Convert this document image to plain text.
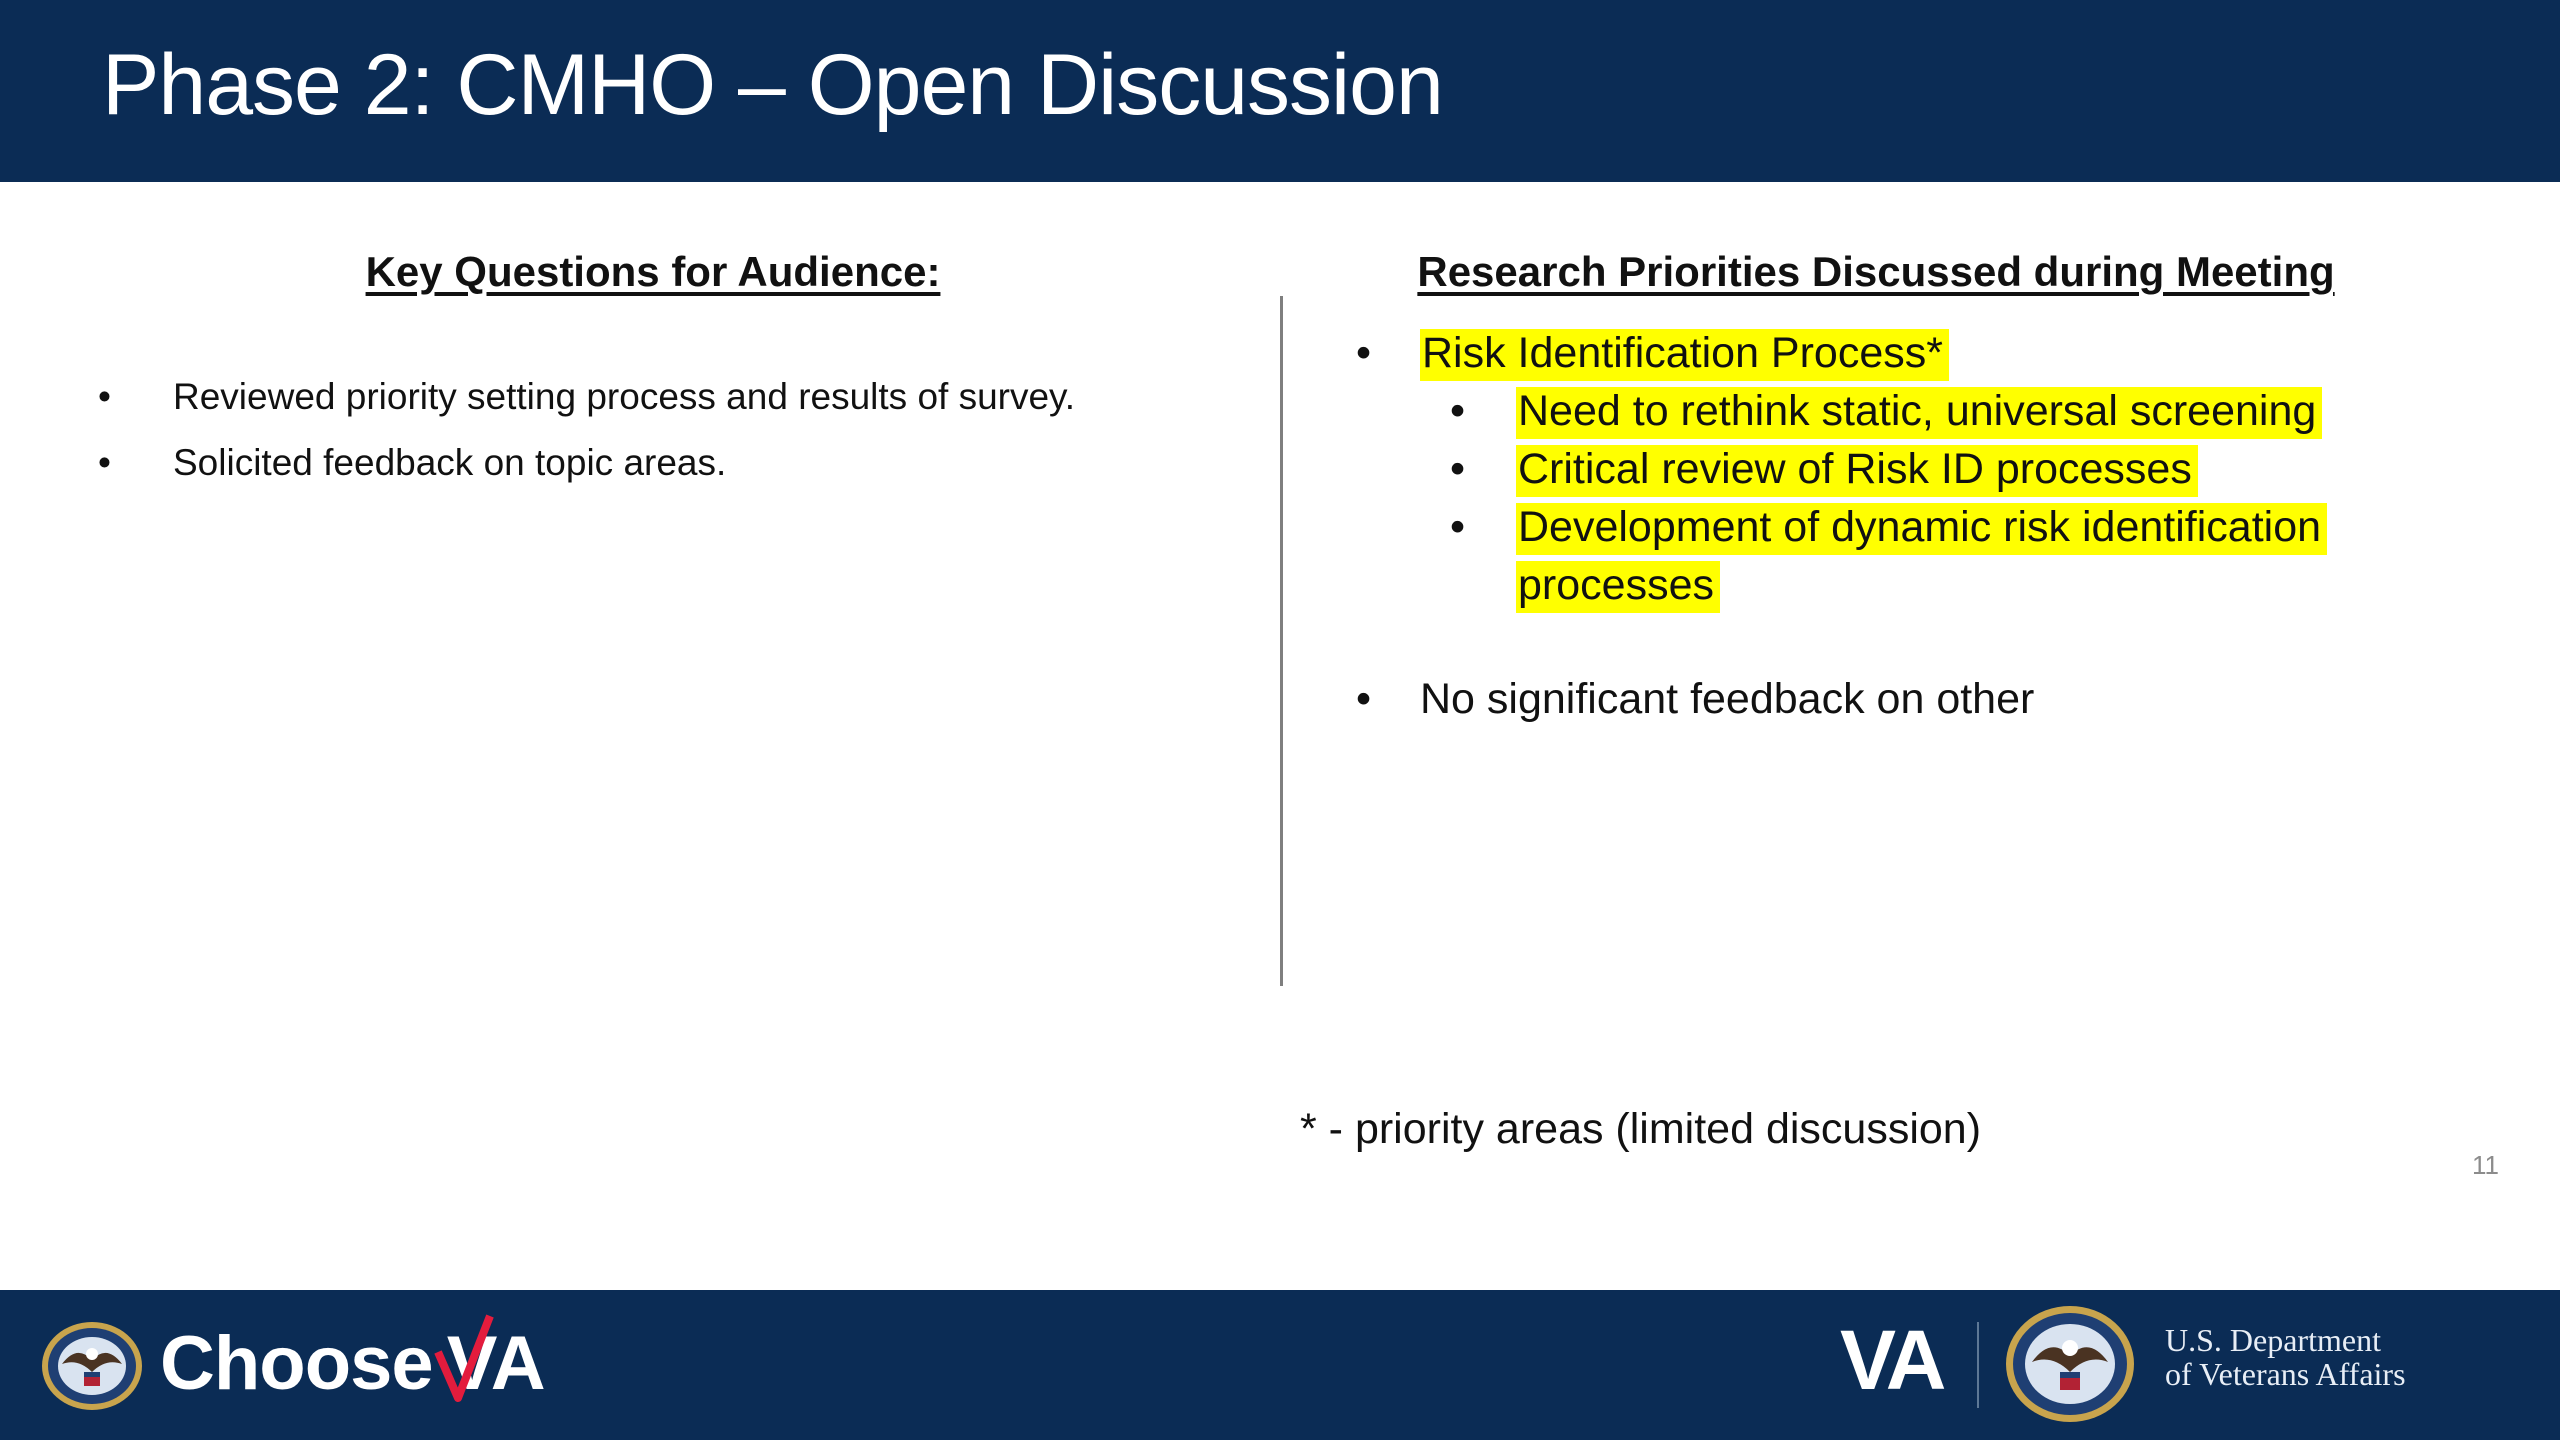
Phase 2: CMHO – Open Discussion
Key Questions for Audience:	Research Priorities Discussed during Meeting
• Reviewed priority setting process and results of survey.
• Solicited feedback on topic areas.
• Risk Identification Process*
• Need to rethink static, universal screening
• Critical review of Risk ID processes
• Development of dynamic risk identification
processes
• No significant feedback on other
* - priority areas (limited discussion)
11
Choose VA	VA	U.S. Department
of Veterans Affairs
